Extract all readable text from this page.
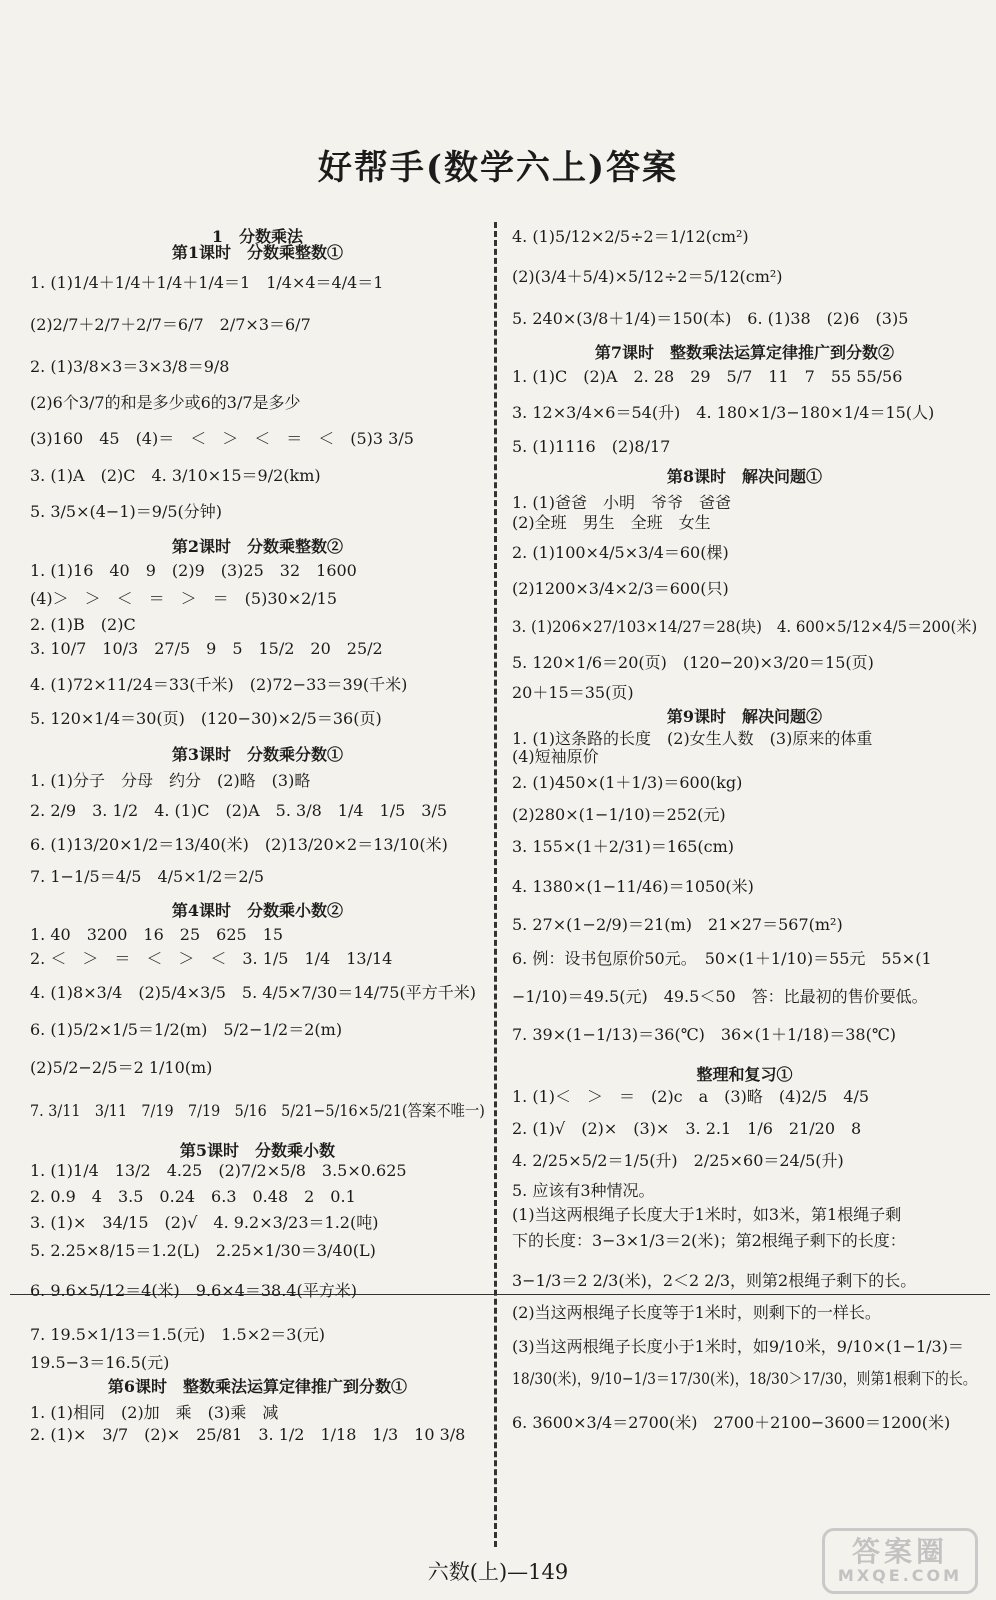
好帮手(数学六上)答案
1　分数乘法
第1课时　分数乘整数①
1. (1)1/4＋1/4＋1/4＋1/4＝1　1/4×4＝4/4＝1
(2)2/7＋2/7＋2/7＝6/7　2/7×3＝6/7
2. (1)3/8×3＝3×3/8＝9/8
(2)6个3/7的和是多少或6的3/7是多少
(3)160　45　(4)＝　＜　＞　＜　＝　＜　(5)3 3/5
3. (1)A　(2)C　4. 3/10×15＝9/2(km)
5. 3/5×(4−1)＝9/5(分钟)
第2课时　分数乘整数②
1. (1)16　40　9　(2)9　(3)25　32　1600
(4)＞　＞　＜　＝　＞　＝　(5)30×2/15
2. (1)B　(2)C
3. 10/7　10/3　27/5　9　5　15/2　20　25/2
4. (1)72×11/24＝33(千米)　(2)72−33＝39(千米)
5. 120×1/4＝30(页)　(120−30)×2/5＝36(页)
第3课时　分数乘分数①
1. (1)分子　分母　约分　(2)略　(3)略
2. 2/9　3. 1/2　4. (1)C　(2)A　5. 3/8　1/4　1/5　3/5
6. (1)13/20×1/2＝13/40(米)　(2)13/20×2＝13/10(米)
7. 1−1/5＝4/5　4/5×1/2＝2/5
第4课时　分数乘小数②
1. 40　3200　16　25　625　15
2. ＜　＞　＝　＜　＞　＜　3. 1/5　1/4　13/14
4. (1)8×3/4　(2)5/4×3/5　5. 4/5×7/30＝14/75(平方千米)
6. (1)5/2×1/5＝1/2(m)　5/2−1/2＝2(m)
(2)5/2−2/5＝2 1/10(m)
7. 3/11　3/11　7/19　7/19　5/16　5/21−5/16×5/21(答案不唯一)
第5课时　分数乘小数
1. (1)1/4　13/2　4.25　(2)7/2×5/8　3.5×0.625
2. 0.9　4　3.5　0.24　6.3　0.48　2　0.1
3. (1)×　34/15　(2)√　4. 9.2×3/23＝1.2(吨)
5. 2.25×8/15＝1.2(L)　2.25×1/30＝3/40(L)
6. 9.6×5/12＝4(米)　9.6×4＝38.4(平方米)
7. 19.5×1/13＝1.5(元)　1.5×2＝3(元)
19.5−3＝16.5(元)
第6课时　整数乘法运算定律推广到分数①
1. (1)相同　(2)加　乘　(3)乘　减
2. (1)×　3/7　(2)×　25/81　3. 1/2　1/18　1/3　10 3/8
4. (1)5/12×2/5÷2＝1/12(cm²)
(2)(3/4＋5/4)×5/12÷2＝5/12(cm²)
5. 240×(3/8＋1/4)＝150(本)　6. (1)38　(2)6　(3)5
第7课时　整数乘法运算定律推广到分数②
1. (1)C　(2)A　2. 28　29　5/7　11　7　55 55/56
3. 12×3/4×6＝54(升)　4. 180×1/3−180×1/4＝15(人)
5. (1)1116　(2)8/17
第8课时　解决问题①
1. (1)爸爸　小明　爷爷　爸爸
(2)全班　男生　全班　女生
2. (1)100×4/5×3/4＝60(棵)
(2)1200×3/4×2/3＝600(只)
3. (1)206×27/103×14/27＝28(块)　4. 600×5/12×4/5＝200(米)
5. 120×1/6＝20(页)　(120−20)×3/20＝15(页)
20＋15＝35(页)
第9课时　解决问题②
1. (1)这条路的长度　(2)女生人数　(3)原来的体重
(4)短袖原价
2. (1)450×(1＋1/3)＝600(kg)
(2)280×(1−1/10)＝252(元)
3. 155×(1＋2/31)＝165(cm)
4. 1380×(1−11/46)＝1050(米)
5. 27×(1−2/9)＝21(m)　21×27＝567(m²)
6. 例：设书包原价50元。　50×(1＋1/10)＝55元　55×(1
−1/10)＝49.5(元)　49.5＜50　答：比最初的售价要低。
7. 39×(1−1/13)＝36(℃)　36×(1＋1/18)＝38(℃)
整理和复习①
1. (1)＜　＞　＝　(2)c　a　(3)略　(4)2/5　4/5
2. (1)√　(2)×　(3)×　3. 2.1　1/6　21/20　8
4. 2/25×5/2＝1/5(升)　2/25×60＝24/5(升)
5. 应该有3种情况。
(1)当这两根绳子长度大于1米时，如3米，第1根绳子剩
下的长度：3−3×1/3＝2(米)；第2根绳子剩下的长度：
3−1/3＝2 2/3(米)，2＜2 2/3，则第2根绳子剩下的长。
(2)当这两根绳子长度等于1米时，则剩下的一样长。
(3)当这两根绳子长度小于1米时，如9/10米，9/10×(1−1/3)＝
18/30(米)，9/10−1/3＝17/30(米)，18/30＞17/30，则第1根剩下的长。
6. 3600×3/4＝2700(米)　2700＋2100−3600＝1200(米)
六数(上)—149
答案圈
MXQE.COM
